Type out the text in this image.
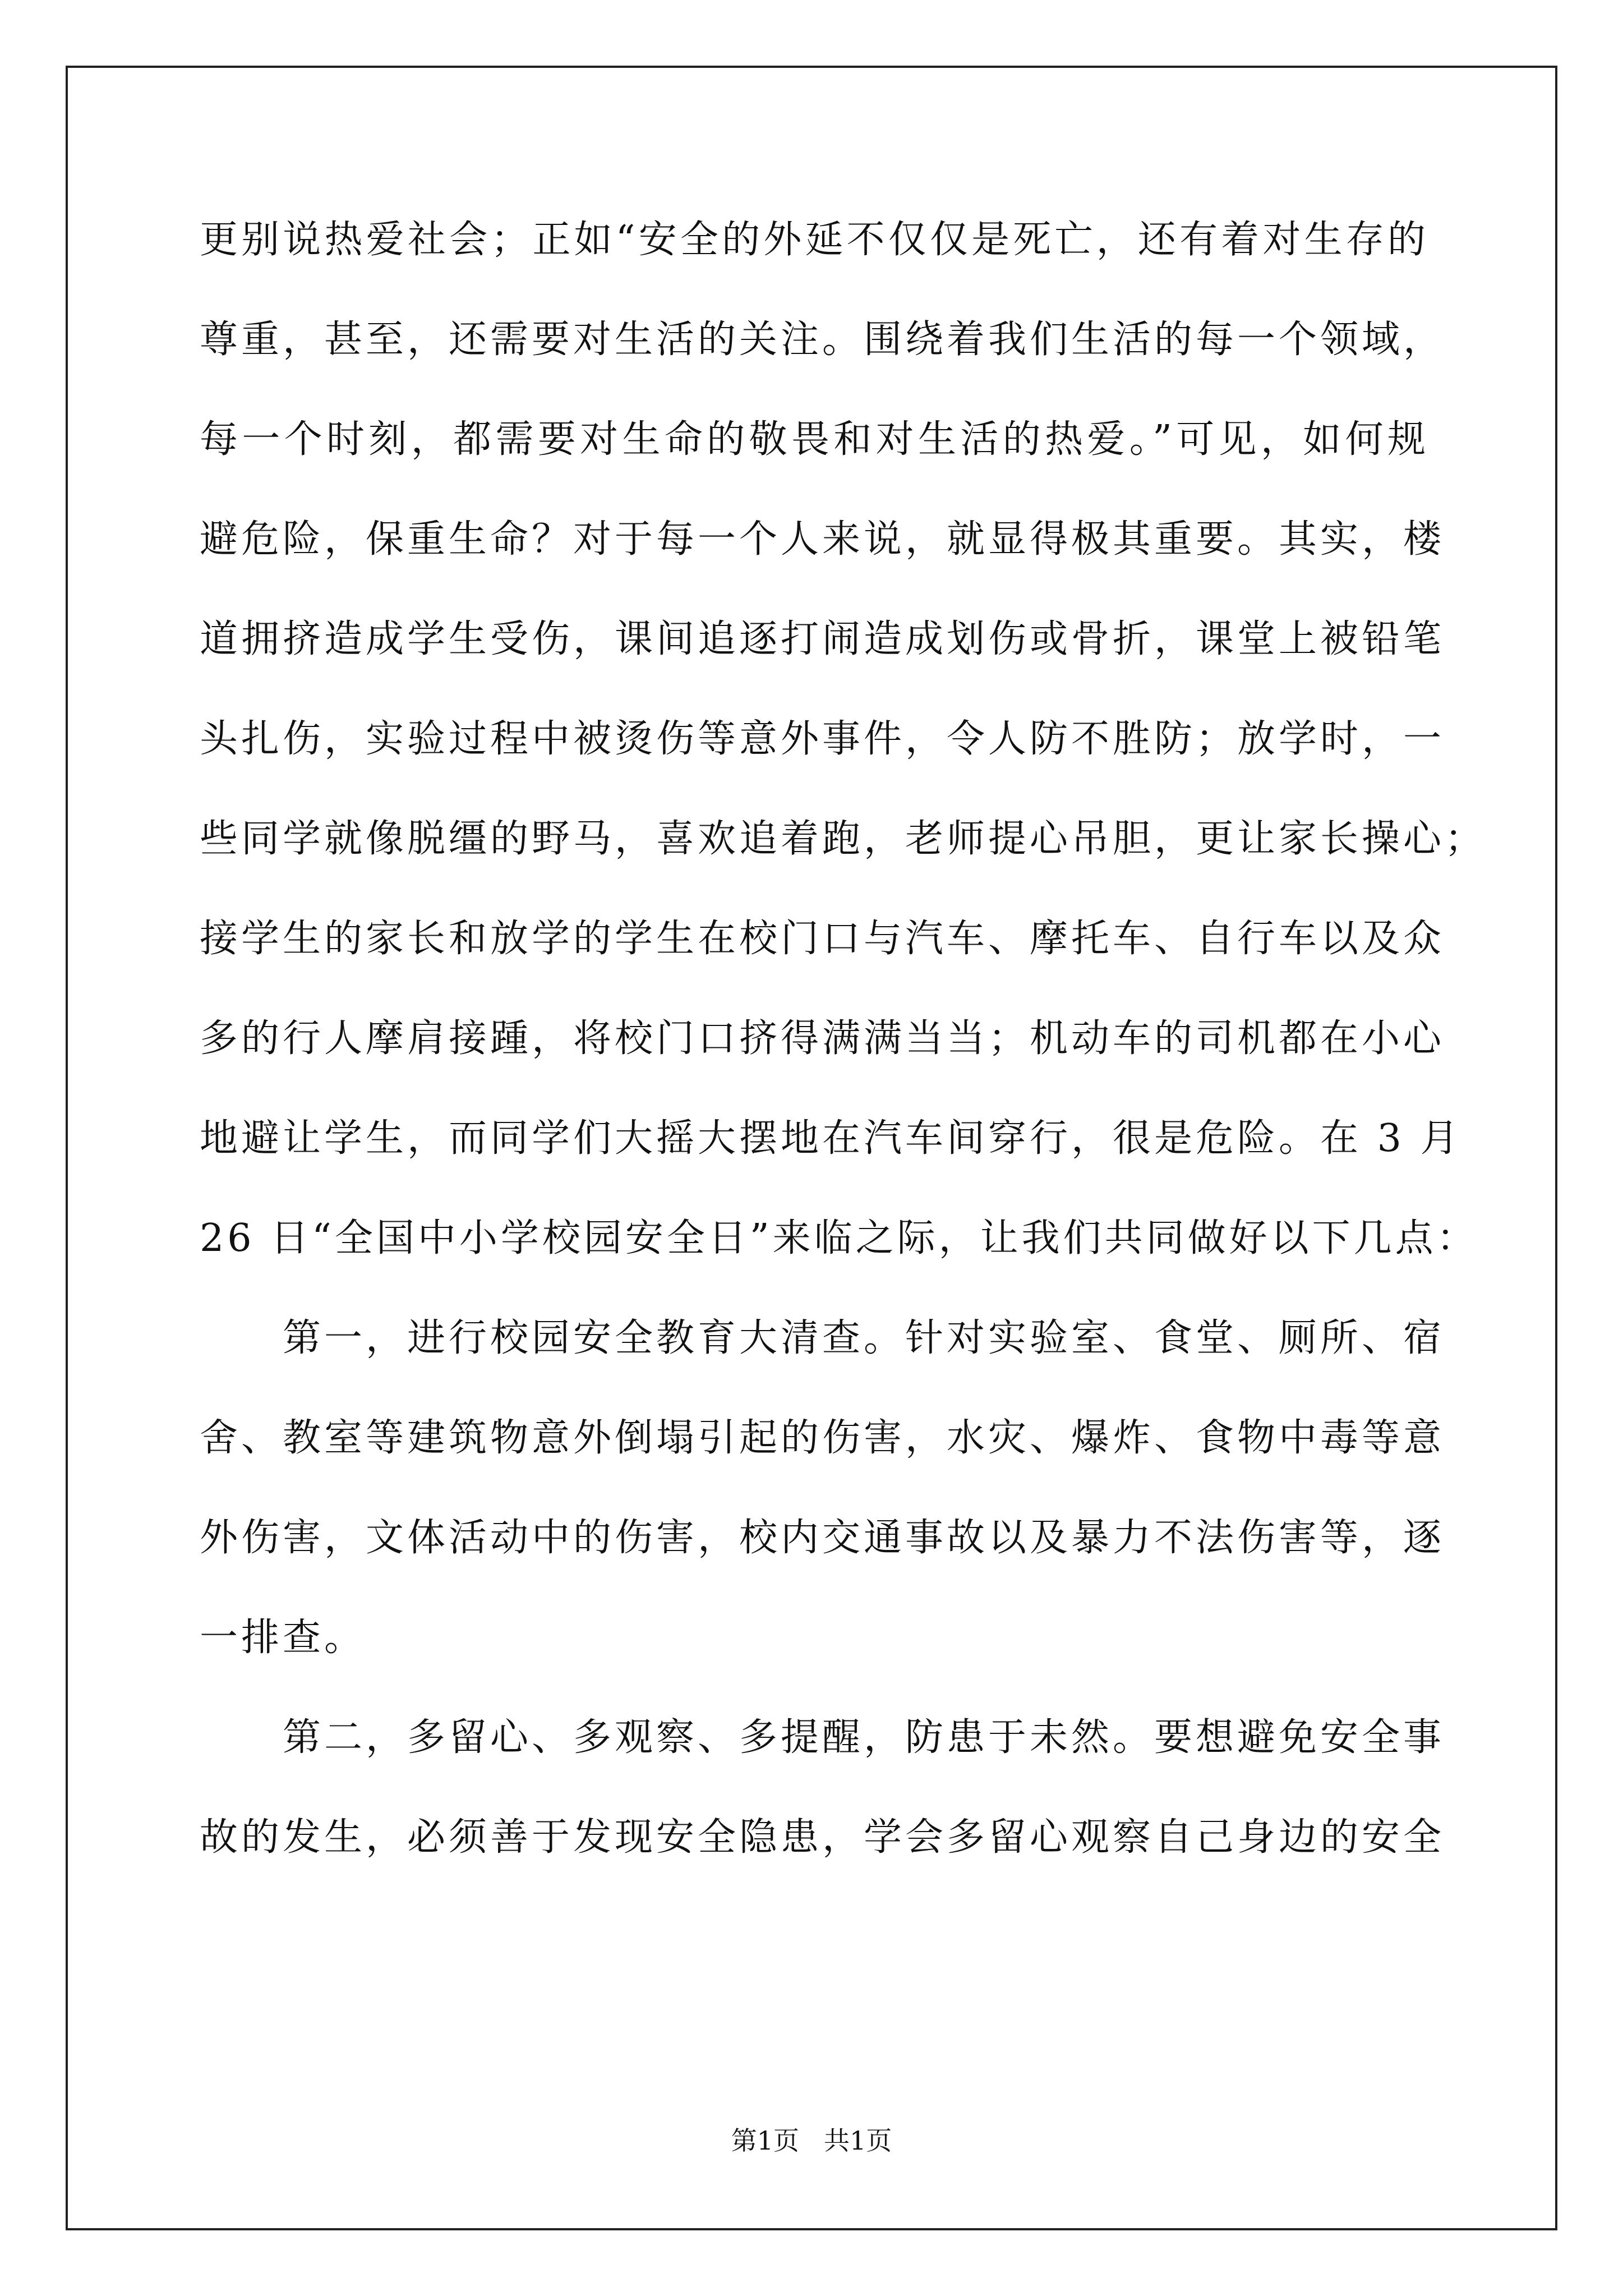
更别说热爱社会；正如“安全的外延不仅仅是死亡，还有着对生存的
尊重，甚至，还需要对生活的关注。围绕着我们生活的每一个领域，
每一个时刻，都需要对生命的敬畏和对生活的热爱。”可见，如何规
避危险，保重生命？对于每一个人来说，就显得极其重要。其实，楼
道拥挤造成学生受伤，课间追逐打闹造成划伤或骨折，课堂上被铅笔
头扎伤，实验过程中被烫伤等意外事件，令人防不胜防；放学时，一
些同学就像脱缰的野马，喜欢追着跑，老师提心吊胆，更让家长操心；
接学生的家长和放学的学生在校门口与汽车、摩托车、自行车以及众
多的行人摩肩接踵，将校门口挤得满满当当；机动车的司机都在小心
地避让学生，而同学们大摇大摆地在汽车间穿行，很是危险。在 3 月
26 日“全国中小学校园安全日”来临之际，让我们共同做好以下几点：
　　第一，进行校园安全教育大清查。针对实验室、食堂、厕所、宿
舍、教室等建筑物意外倒塌引起的伤害，水灾、爆炸、食物中毒等意
外伤害，文体活动中的伤害，校内交通事故以及暴力不法伤害等，逐
一排查。
　　第二，多留心、多观察、多提醒，防患于未然。要想避免安全事
故的发生，必须善于发现安全隐患，学会多留心观察自己身边的安全
第1页 共1页
